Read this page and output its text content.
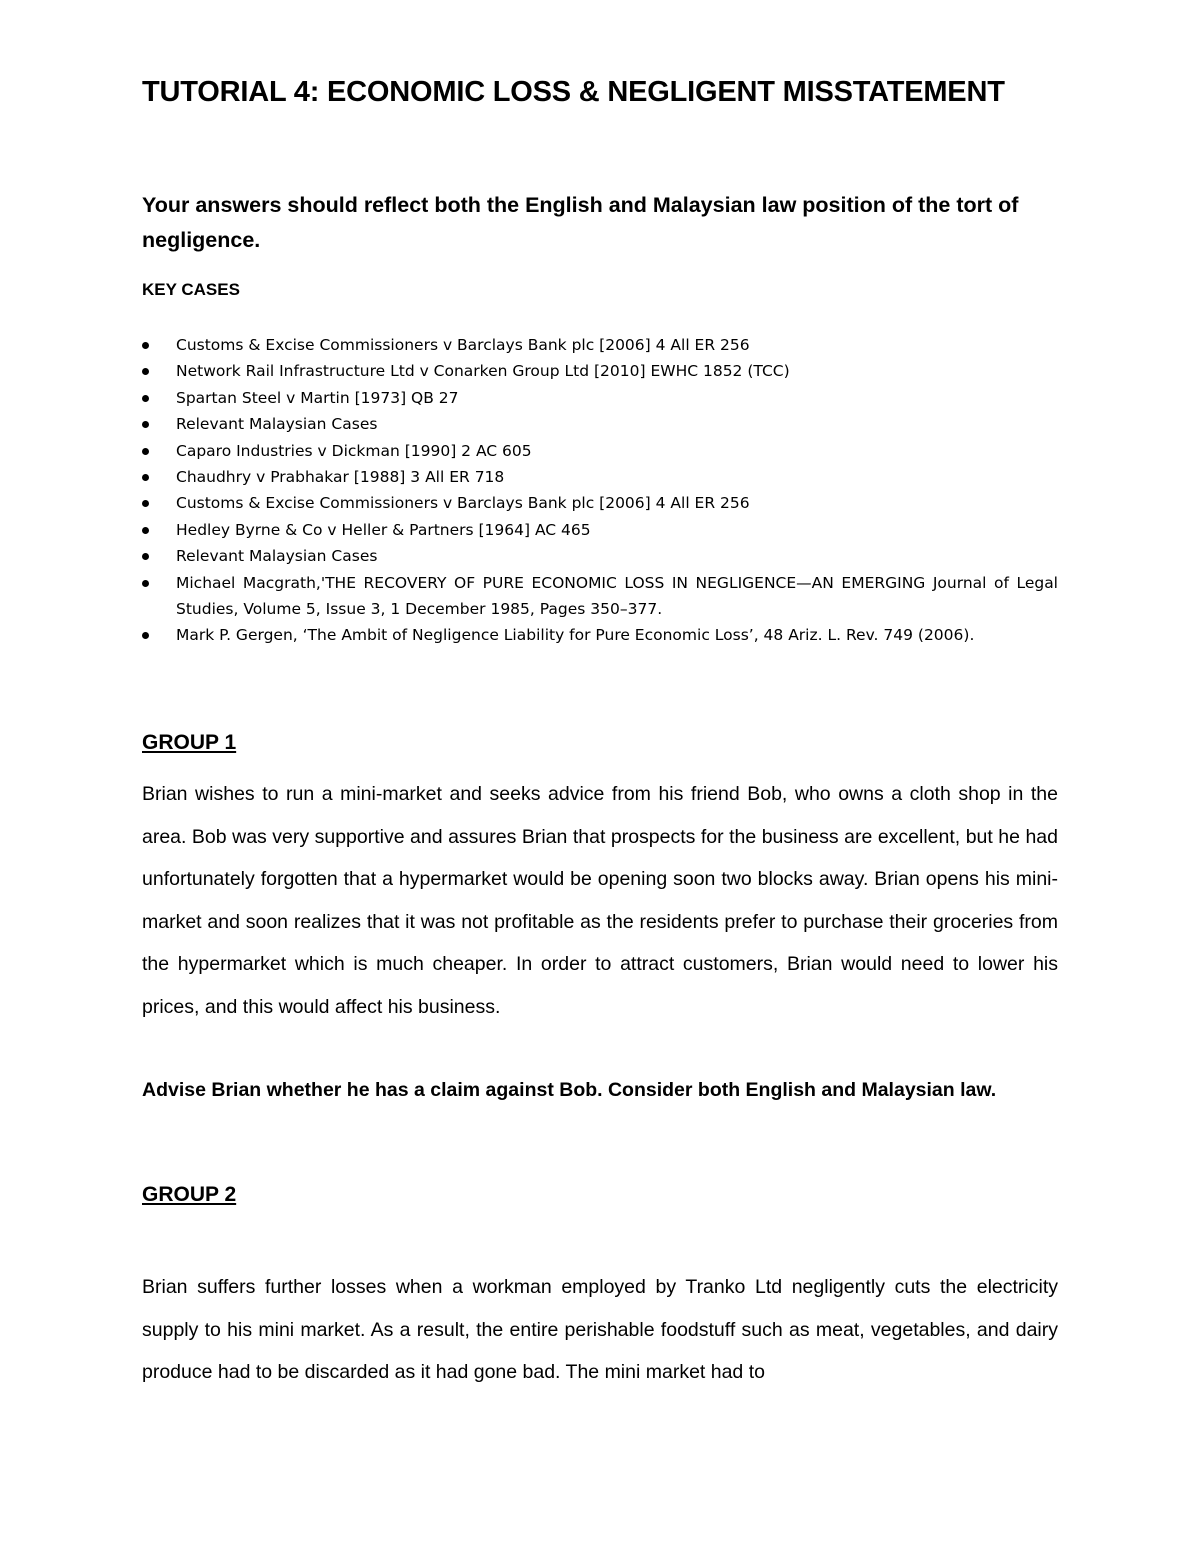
TUTORIAL 4: ECONOMIC LOSS & NEGLIGENT MISSTATEMENT

Your answers should reflect both the English and Malaysian law position of the tort of negligence.

KEY CASES
Customs & Excise Commissioners v Barclays Bank plc [2006] 4 All ER 256
Network Rail Infrastructure Ltd v Conarken Group Ltd [2010] EWHC 1852 (TCC)
Spartan Steel v Martin [1973] QB 27
Relevant Malaysian Cases
Caparo Industries v Dickman [1990] 2 AC 605
Chaudhry v Prabhakar [1988] 3 All ER 718
Customs & Excise Commissioners v Barclays Bank plc [2006] 4 All ER 256
Hedley Byrne & Co v Heller & Partners [1964] AC 465
Relevant Malaysian Cases
Michael Macgrath,'THE RECOVERY OF PURE ECONOMIC LOSS IN NEGLIGENCE—AN EMERGING Journal of Legal Studies, Volume 5, Issue 3, 1 December 1985, Pages 350–377.
Mark P. Gergen, ‘The Ambit of Negligence Liability for Pure Economic Loss’, 48 Ariz. L. Rev. 749 (2006).
GROUP 1

Brian wishes to run a mini-market and seeks advice from his friend Bob, who owns a cloth shop in the area. Bob was very supportive and assures Brian that prospects for the business are excellent, but he had unfortunately forgotten that a hypermarket would be opening soon two blocks away. Brian opens his mini-market and soon realizes that it was not profitable as the residents prefer to purchase their groceries from the hypermarket which is much cheaper. In order to attract customers, Brian would need to lower his prices, and this would affect his business.

Advise Brian whether he has a claim against Bob. Consider both English and Malaysian law.

GROUP 2

Brian suffers further losses when a workman employed by Tranko Ltd negligently cuts the electricity supply to his mini market. As a result, the entire perishable foodstuff such as meat, vegetables, and dairy produce had to be discarded as it had gone bad. The mini market had to
